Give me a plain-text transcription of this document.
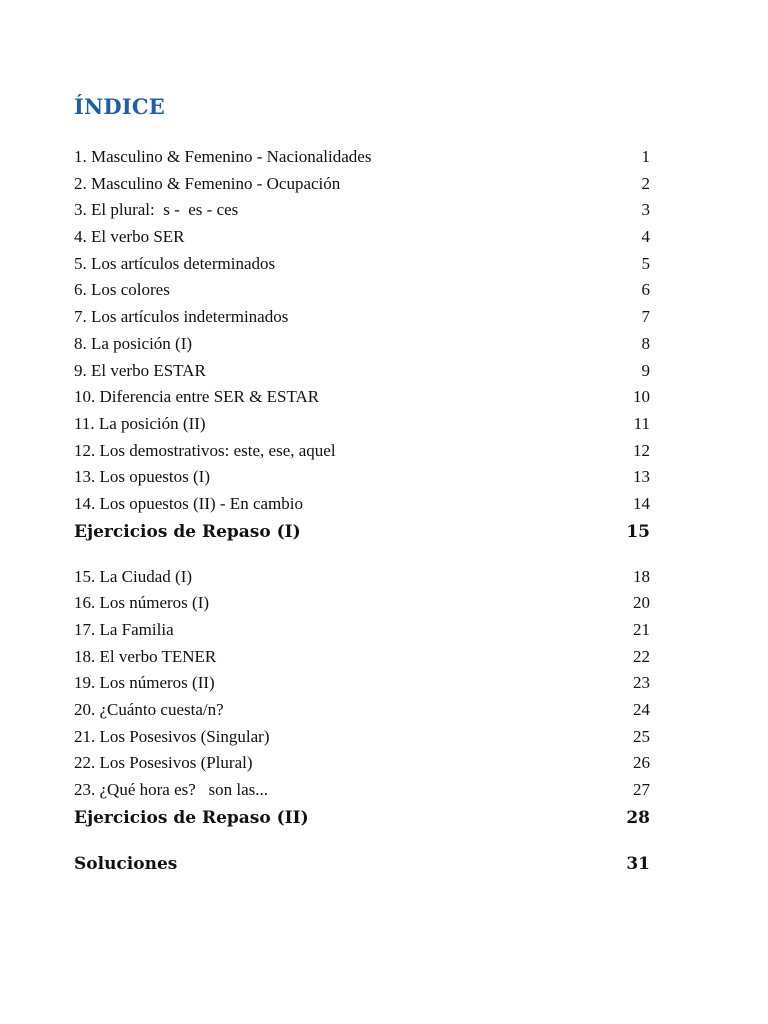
ÍNDICE
1. Masculino & Femenino - Nacionalidades	1
2. Masculino & Femenino - Ocupación	2
3. El plural:  s -  es - ces	3
4. El verbo SER	4
5. Los artículos determinados	5
6. Los colores	6
7. Los artículos indeterminados	7
8. La posición (I)	8
9. El verbo ESTAR	9
10. Diferencia entre SER & ESTAR	10
11. La posición (II)	11
12. Los demostrativos: este, ese, aquel	12
13. Los opuestos (I)	13
14. Los opuestos (II) - En cambio	14
Ejercicios de Repaso (I)	15
15. La Ciudad (I)	18
16. Los números (I)	20
17. La Familia	21
18. El verbo TENER	22
19. Los números (II)	23
20. ¿Cuánto cuesta/n?	24
21. Los Posesivos (Singular)	25
22. Los Posesivos (Plural)	26
23. ¿Qué hora es?   son las...	27
Ejercicios de Repaso (II)	28
Soluciones	31
